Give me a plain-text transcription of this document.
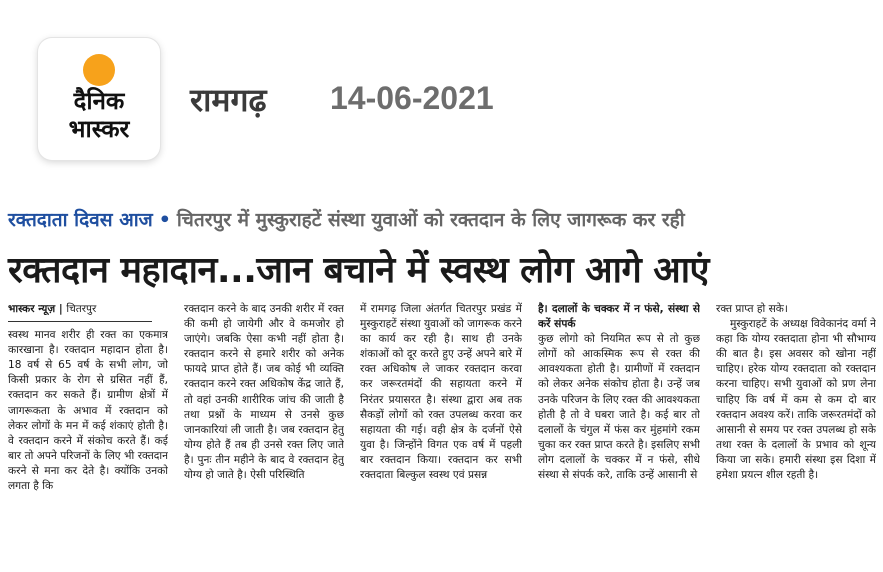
दैनिक
भास्कर
रामगढ़ 14-06-2021
रक्तदाता दिवस आज • चितरपुर में मुस्कुराहटें संस्था युवाओं को रक्तदान के लिए जागरूक कर रही
रक्तदान महादान...जान बचाने में स्वस्थ लोग आगे आएं
भास्कर न्यूज़ | चितरपुर

स्वस्थ मानव शरीर ही रक्त का एकमात्र कारखाना है। रक्तदान महादान होता है। 18 वर्ष से 65 वर्ष के सभी लोग, जो किसी प्रकार के रोग से ग्रसित नहीं हैं, रक्तदान कर सकते हैं। ग्रामीण क्षेत्रों में जागरूकता के अभाव में रक्तदान को लेकर लोगों के मन में कई शंकाएं होती है। वे रक्तदान करने में संकोच करते हैं। कई बार तो अपने परिजनों के लिए भी रक्तदान करने से मना कर देते है। क्योंकि उनको लगता है कि

रक्तदान करने के बाद उनकी शरीर में रक्त की कमी हो जायेगी और वे कमजोर हो जाएंगे। जबकि ऐसा कभी नहीं होता है। रक्तदान करने से हमारे शरीर को अनेक फायदे प्राप्त होते हैं। जब कोई भी व्यक्ति रक्तदान करने रक्त अधिकोष केंद्र जाते हैं, तो वहां उनकी शारीरिक जांच की जाती है तथा प्रश्नों के माध्यम से उनसे कुछ जानकारियां ली जाती है। जब रक्तदान हेतु योग्य होते हैं तब ही उनसे रक्त लिए जाते है। पुनः तीन महीने के बाद वे रक्तदान हेतु योग्य हो जाते है। ऐसी परिस्थिति

में रामगढ़ जिला अंतर्गत चितरपुर प्रखंड में मुस्कुराहटें संस्था युवाओं को जागरूक करने का कार्य कर रही है। साथ ही उनके शंकाओं को दूर करते हुए उन्हें अपने बारे में रक्त अधिकोष ले जाकर रक्तदान करवा कर जरूरतमंदों की सहायता करने में निरंतर प्रयासरत है। संस्था द्वारा अब तक सैकड़ों लोगों को रक्त उपलब्ध करवा कर सहायता की गई। वही क्षेत्र के दर्जनों ऐसे युवा है। जिन्होंने विगत एक वर्ष में पहली बार रक्तदान किया। रक्तदान कर सभी रक्तदाता बिल्कुल स्वस्थ एवं प्रसन्न

है। दलालों के चक्कर में न फंसे, संस्था से करें संपर्क

कुछ लोगो को नियमित रूप से तो कुछ लोगों को आकस्मिक रूप से रक्त की आवश्यकता होती है। ग्रामीणों में रक्तदान को लेकर अनेक संकोच होता है। उन्हें जब उनके परिजन के लिए रक्त की आवश्यकता होती है तो वे घबरा जाते है। कई बार तो दलालों के चंगुल में फंस कर मुंहमांगे रकम चुका कर रक्त प्राप्त करते है। इसलिए सभी लोग दलालों के चक्कर में न फंसे, सीधे संस्था से संपर्क करे, ताकि उन्हें आसानी से

रक्त प्राप्त हो सके।

मुस्कुराहटें के अध्यक्ष विवेकानंद वर्मा ने कहा कि योग्य रक्तदाता होना भी सौभाग्य की बात है। इस अवसर को खोना नहीं चाहिए। हरेक योग्य रक्तदाता को रक्तदान करना चाहिए। सभी युवाओं को प्रण लेना चाहिए कि वर्ष में कम से कम दो बार रक्तदान अवश्य करें। ताकि जरूरतमंदों को आसानी से समय पर रक्त उपलब्ध हो सके तथा रक्त के दलालों के प्रभाव को शून्य किया जा सके। हमारी संस्था इस दिशा में हमेशा प्रयत्न शील रहती है।
